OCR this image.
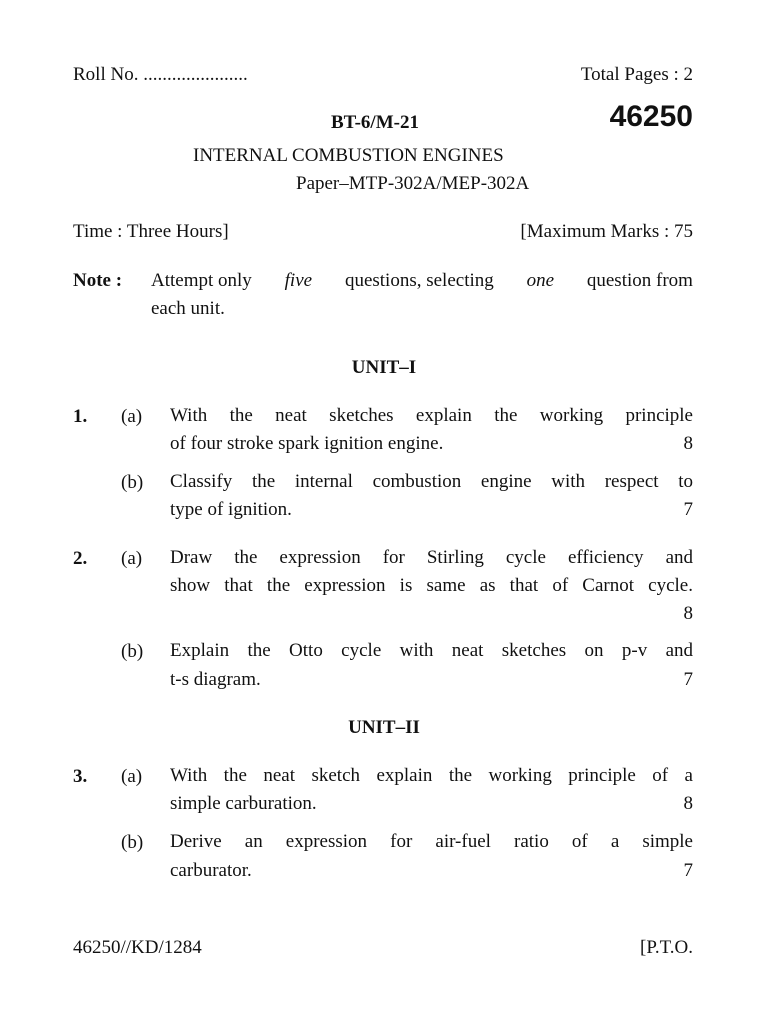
Roll No. ......................	Total Pages : 2
BT-6/M-21	46250
INTERNAL COMBUSTION ENGINES
Paper–MTP-302A/MEP-302A
Time : Three Hours]	[Maximum Marks : 75
Note : Attempt only five questions, selecting one question from
each unit.
UNIT–I
1. (a) With the neat sketches explain the working principle
of four stroke spark ignition engine.	8
(b) Classify the internal combustion engine with respect to
type of ignition.	7
2. (a) Draw the expression for Stirling cycle efficiency and
show that the expression is same as that of Carnot cycle.
8
(b) Explain the Otto cycle with neat sketches on p-v and
t-s diagram.	7
UNIT–II
3. (a) With the neat sketch explain the working principle of a
simple carburation.	8
(b) Derive an expression for air-fuel ratio of a simple
carburator.	7
46250//KD/1284	[P.T.O.
